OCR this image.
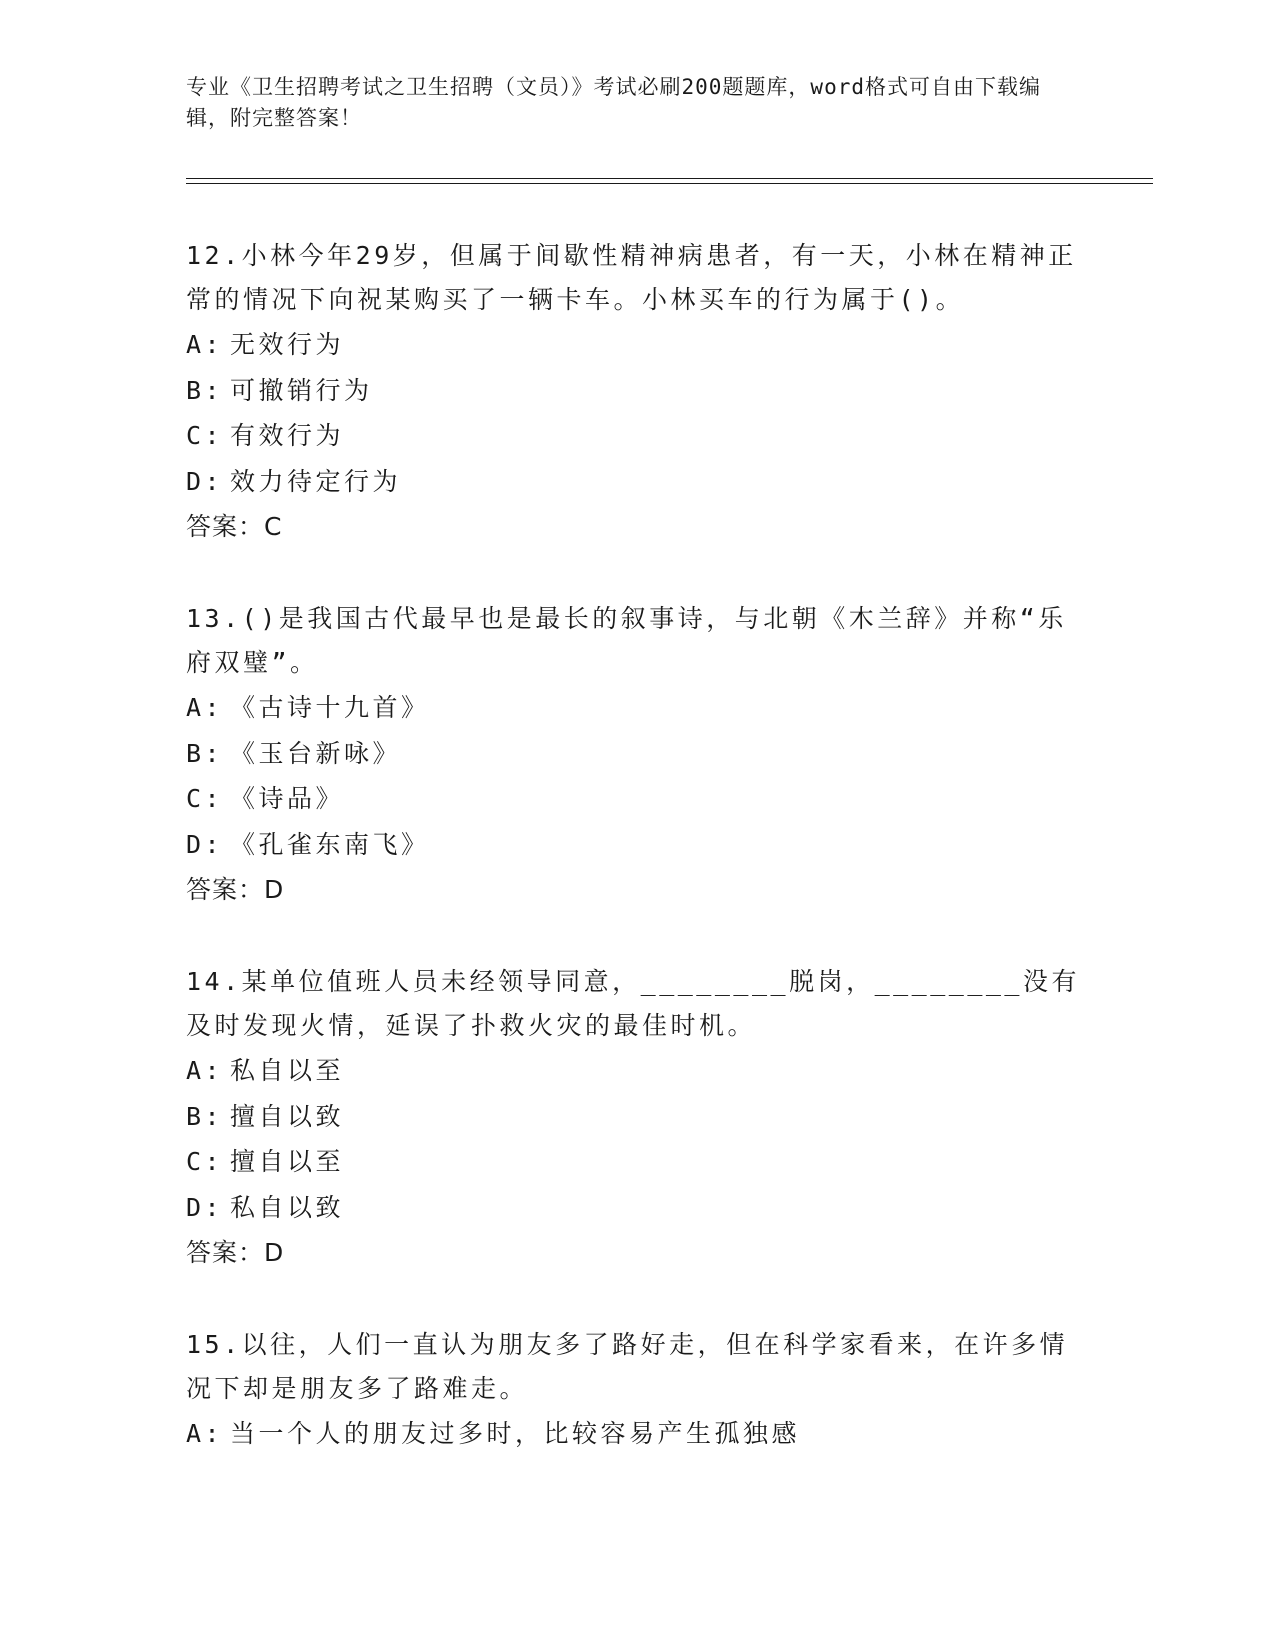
专业《卫生招聘考试之卫生招聘（文员）》考试必刷200题题库，word格式可自由下载编辑，附完整答案！

12.小林今年29岁，但属于间歇性精神病患者，有一天，小林在精神正常的情况下向祝某购买了一辆卡车。小林买车的行为属于()。

A: 无效行为

B: 可撤销行为

C: 有效行为

D: 效力待定行为

答案：C

13.()是我国古代最早也是最长的叙事诗，与北朝《木兰辞》并称“乐府双璧”。

A: 《古诗十九首》

B: 《玉台新咏》

C: 《诗品》

D: 《孔雀东南飞》

答案：D

14.某单位值班人员未经领导同意，________脱岗，________没有及时发现火情，延误了扑救火灾的最佳时机。

A: 私自以至

B: 擅自以致

C: 擅自以至

D: 私自以致

答案：D

15.以往，人们一直认为朋友多了路好走，但在科学家看来，在许多情况下却是朋友多了路难走。

A: 当一个人的朋友过多时，比较容易产生孤独感
